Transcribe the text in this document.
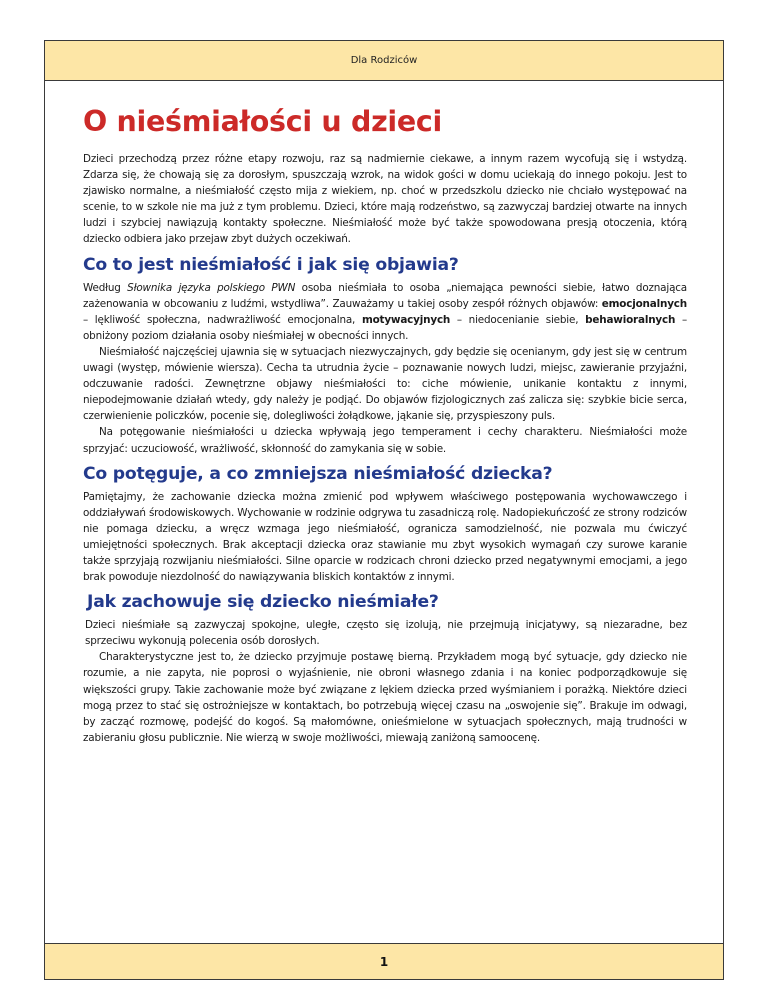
Dla Rodziców
O nieśmiałości u dzieci

Dzieci przechodzą przez różne etapy rozwoju, raz są nadmiernie ciekawe, a innym razem wycofują się i wstydzą. Zdarza się, że chowają się za dorosłym, spuszczają wzrok, na widok gości w domu uciekają do innego pokoju. Jest to zjawisko normalne, a nieśmiałość często mija z wiekiem, np. choć w przedszkolu dziecko nie chciało występować na scenie, to w szkole nie ma już z tym problemu. Dzieci, które mają rodzeństwo, są zazwyczaj bardziej otwarte na innych ludzi i szybciej nawiązują kontakty społeczne. Nieśmiałość może być także spowodowana presją otoczenia, którą dziecko odbiera jako przejaw zbyt dużych oczekiwań.

Co to jest nieśmiałość i jak się objawia?

Według Słownika języka polskiego PWN osoba nieśmiała to osoba „niemająca pewności siebie, łatwo doznająca zażenowania w obcowaniu z ludźmi, wstydliwa”. Zauważamy u takiej osoby zespół różnych objawów: emocjonalnych – lękliwość społeczna, nadwrażliwość emocjonalna, motywacyjnych – niedocenianie siebie, behawioralnych – obniżony poziom działania osoby nieśmiałej w obecności innych.

Nieśmiałość najczęściej ujawnia się w sytuacjach niezwyczajnych, gdy będzie się ocenianym, gdy jest się w centrum uwagi (występ, mówienie wiersza). Cecha ta utrudnia życie – poznawanie nowych ludzi, miejsc, zawieranie przyjaźni, odczuwanie radości. Zewnętrzne objawy nieśmiałości to: ciche mówienie, unikanie kontaktu z innymi, niepodejmowanie działań wtedy, gdy należy je podjąć. Do objawów fizjologicznych zaś zalicza się: szybkie bicie serca, czerwienienie policzków, pocenie się, dolegliwości żołądkowe, jąkanie się, przyspieszony puls.

Na potęgowanie nieśmiałości u dziecka wpływają jego temperament i cechy charakteru. Nieśmiałości może sprzyjać: uczuciowość, wrażliwość, skłonność do zamykania się w sobie.

Co potęguje, a co zmniejsza nieśmiałość dziecka?

Pamiętajmy, że zachowanie dziecka można zmienić pod wpływem właściwego postępowania wychowawczego i oddziaływań środowiskowych. Wychowanie w rodzinie odgrywa tu zasadniczą rolę. Nadopiekuńczość ze strony rodziców nie pomaga dziecku, a wręcz wzmaga jego nieśmiałość, ogranicza samodzielność, nie pozwala mu ćwiczyć umiejętności społecznych. Brak akceptacji dziecka oraz stawianie mu zbyt wysokich wymagań czy surowe karanie także sprzyjają rozwijaniu nieśmiałości. Silne oparcie w rodzicach chroni dziecko przed negatywnymi emocjami, a jego brak powoduje niezdolność do nawiązywania bliskich kontaktów z innymi.

Jak zachowuje się dziecko nieśmiałe?

Dzieci nieśmiałe są zazwyczaj spokojne, uległe, często się izolują, nie przejmują inicjatywy, są niezaradne, bez sprzeciwu wykonują polecenia osób dorosłych.

Charakterystyczne jest to, że dziecko przyjmuje postawę bierną. Przykładem mogą być sytuacje, gdy dziecko nie rozumie, a nie zapyta, nie poprosi o wyjaśnienie, nie obroni własnego zdania i na koniec podporządkowuje się większości grupy. Takie zachowanie może być związane z lękiem dziecka przed wyśmianiem i porażką. Niektóre dzieci mogą przez to stać się ostrożniejsze w kontaktach, bo potrzebują więcej czasu na „oswojenie się”. Brakuje im odwagi, by zacząć rozmowę, podejść do kogoś. Są małomówne, onieśmielone w sytuacjach społecznych, mają trudności w zabieraniu głosu publicznie. Nie wierzą w swoje możliwości, miewają zaniżoną samoocenę.

1
